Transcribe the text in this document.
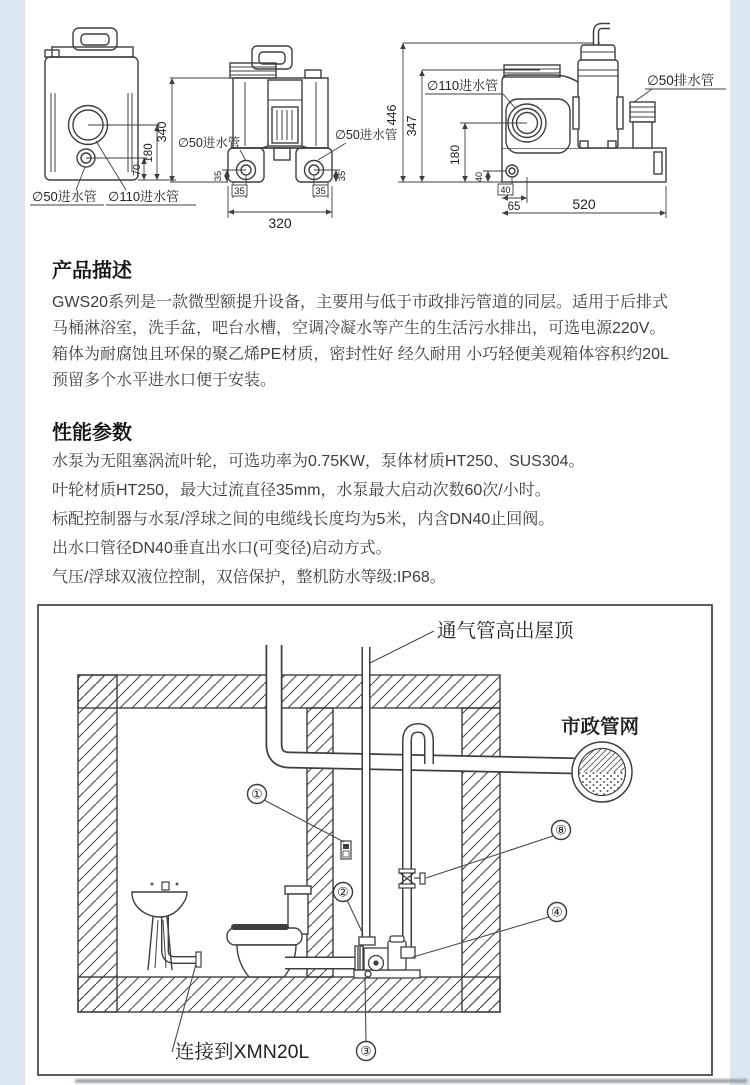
180
70
∅50进水管 ∅110进水管
340
35	35
35	35
320
∅50进水管
∅50进水管
446
347
180
40
40
65	520
∅110进水管	∅50排水管
产品描述
GWS20系列是一款微型额提升设备，主要用与低于市政排污管道的同层。适用于后排式
马桶淋浴室，洗手盆，吧台水槽，空调冷凝水等产生的生活污水排出，可选电源220V。
箱体为耐腐蚀且环保的聚乙烯PE材质，密封性好 经久耐用 小巧轻便美观箱体容积约20L
预留多个水平进水口便于安装。
性能参数
水泵为无阻塞涡流叶轮，可选功率为0.75KW，泵体材质HT250、SUS304。
叶轮材质HT250，最大过流直径35mm，水泵最大启动次数60次/小时。
标配控制器与水泵/浮球之间的电缆线长度均为5米，内含DN40止回阀。
出水口管径DN40垂直出水口(可变径)启动方式。
气压/浮球双液位控制，双倍保护，整机防水等级:IP68。
①
②
③
④
⑧
通气管高出屋顶
市政管网
连接到XMN20L
